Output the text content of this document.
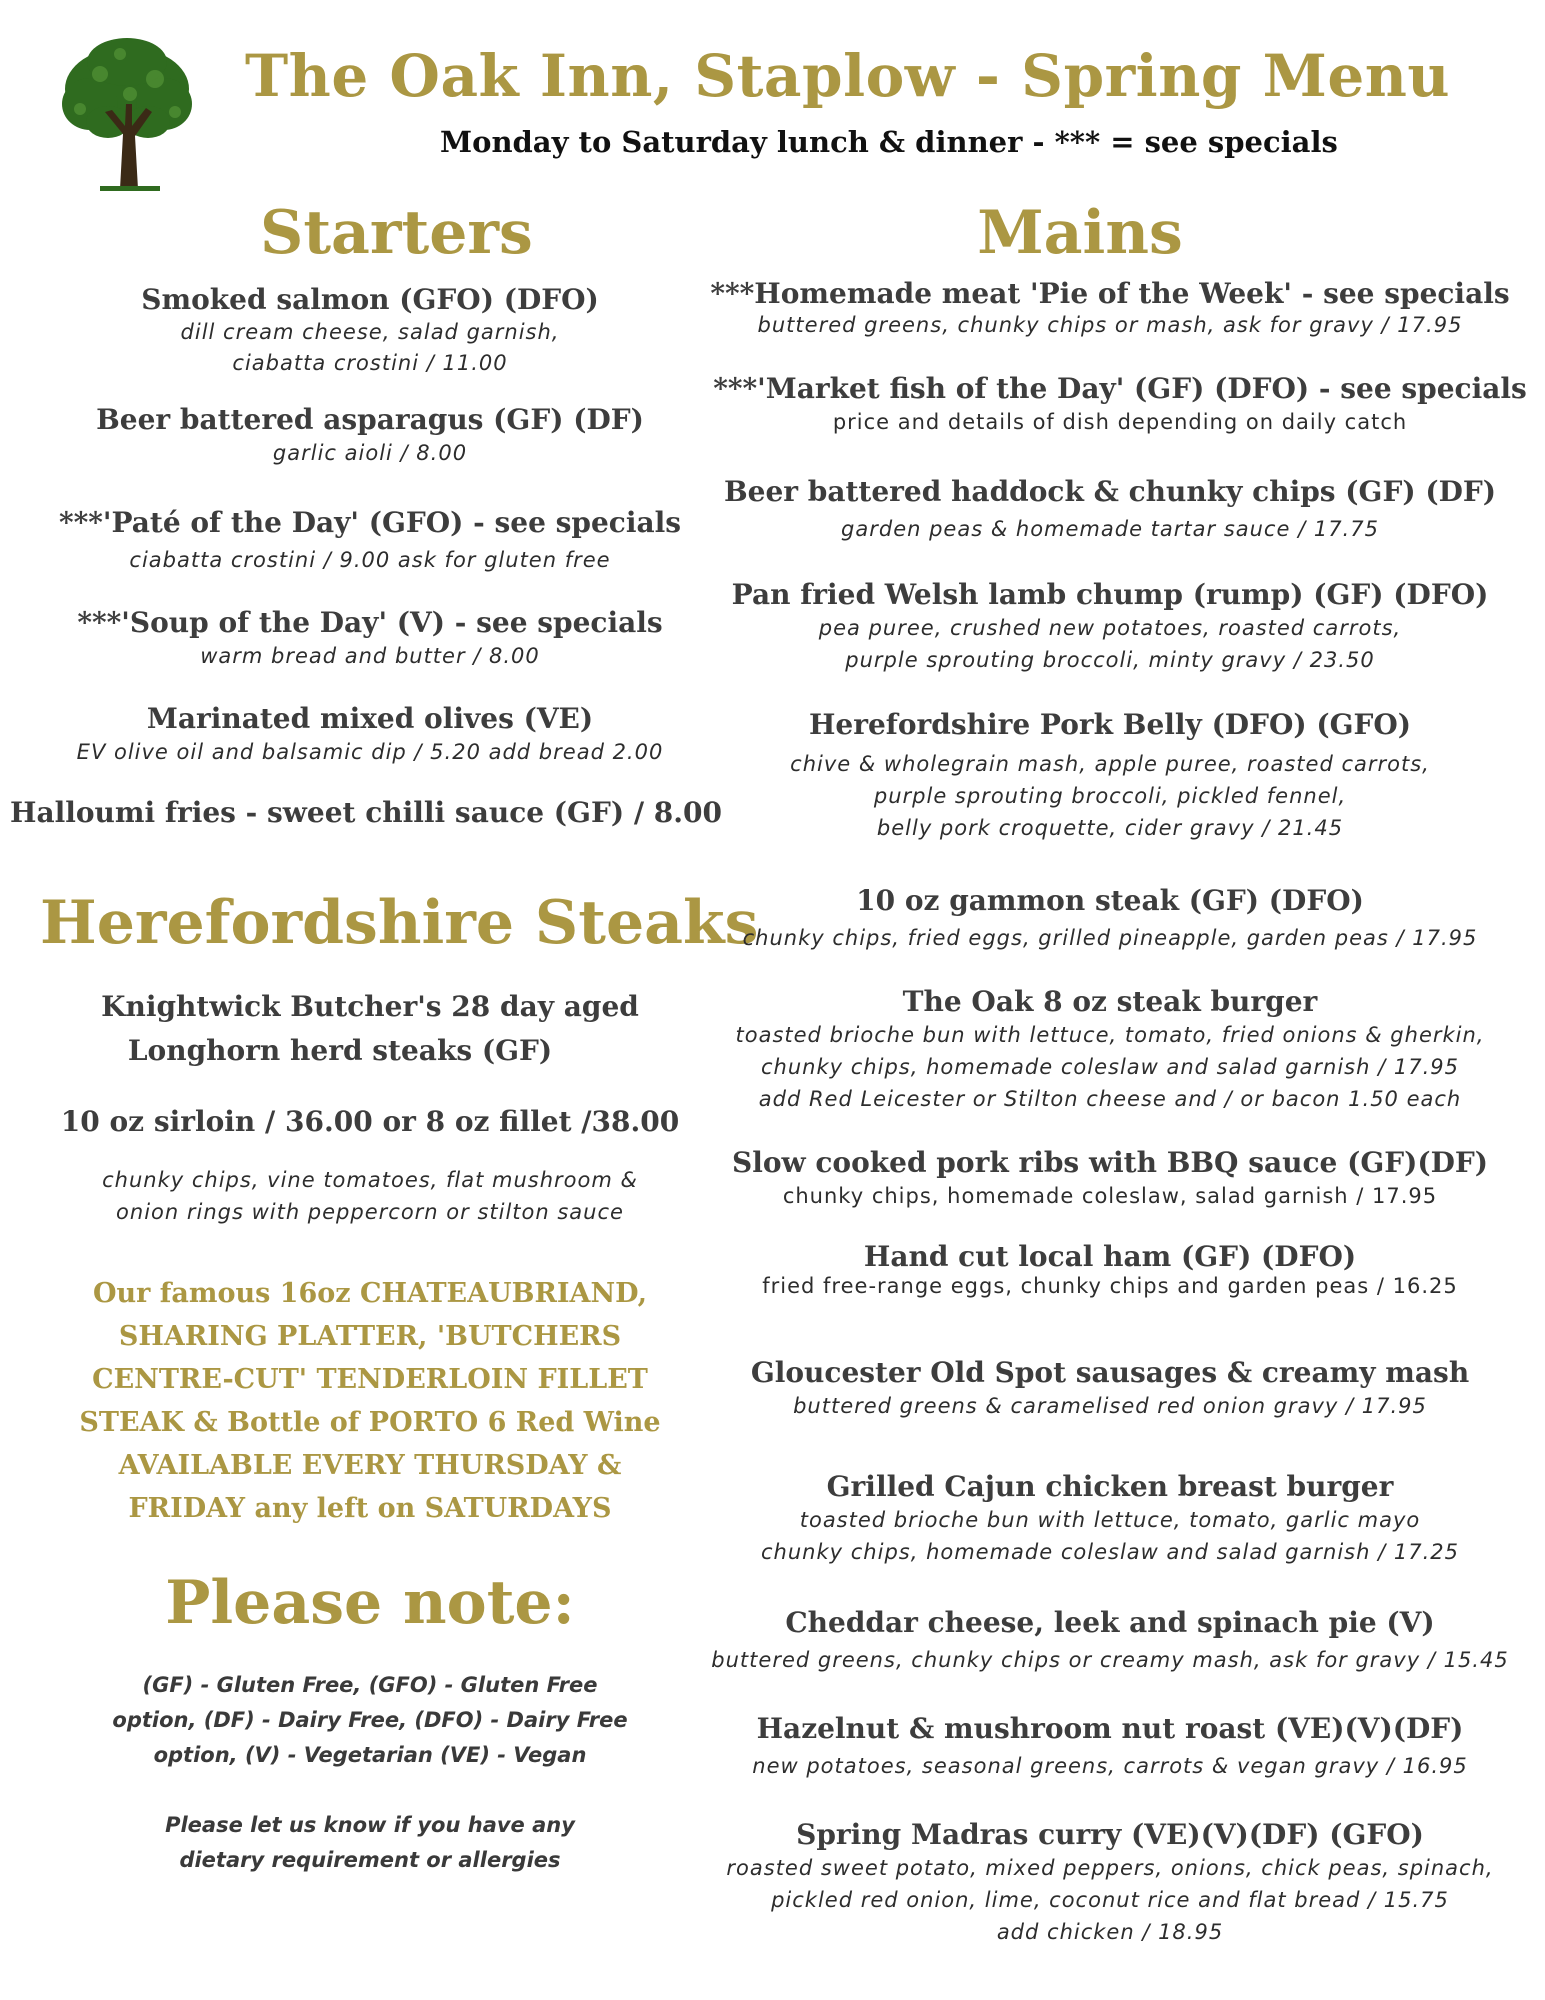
The Oak Inn, Staplow - Spring Menu
Monday to Saturday lunch & dinner - *** = see specials
Starters
Smoked salmon (GFO) (DFO)
dill cream cheese, salad garnish,
ciabatta crostini / 11.00
Beer battered asparagus (GF) (DF)
garlic aioli / 8.00
***'Paté of the Day' (GFO) - see specials
ciabatta crostini / 9.00 ask for gluten free
***'Soup of the Day' (V) - see specials
warm bread and butter / 8.00
Marinated mixed olives (VE)
EV olive oil and balsamic dip / 5.20 add bread 2.00
Halloumi fries - sweet chilli sauce (GF) / 8.00
Herefordshire Steaks
Knightwick Butcher's 28 day aged
Longhorn herd steaks (GF)
10 oz sirloin / 36.00 or 8 oz fillet /38.00
chunky chips, vine tomatoes, flat mushroom &
onion rings with peppercorn or stilton sauce
Our famous 16oz CHATEAUBRIAND,
SHARING PLATTER, 'BUTCHERS
CENTRE-CUT' TENDERLOIN FILLET
STEAK & Bottle of PORTO 6 Red Wine
AVAILABLE EVERY THURSDAY &
FRIDAY any left on SATURDAYS
Please note:
(GF) - Gluten Free, (GFO) - Gluten Free
option, (DF) - Dairy Free, (DFO) - Dairy Free
option, (V) - Vegetarian (VE) - Vegan
Please let us know if you have any
dietary requirement or allergies
Mains
***Homemade meat 'Pie of the Week' - see specials
buttered greens, chunky chips or mash, ask for gravy / 17.95
***'Market fish of the Day' (GF) (DFO) - see specials
price and details of dish depending on daily catch
Beer battered haddock & chunky chips (GF) (DF)
garden peas & homemade tartar sauce / 17.75
Pan fried Welsh lamb chump (rump) (GF) (DFO)
pea puree, crushed new potatoes, roasted carrots,
purple sprouting broccoli, minty gravy / 23.50
Herefordshire Pork Belly (DFO) (GFO)
chive & wholegrain mash, apple puree, roasted carrots,
purple sprouting broccoli, pickled fennel,
belly pork croquette, cider gravy / 21.45
10 oz gammon steak (GF) (DFO)
chunky chips, fried eggs, grilled pineapple, garden peas / 17.95
The Oak 8 oz steak burger
toasted brioche bun with lettuce, tomato, fried onions & gherkin,
chunky chips, homemade coleslaw and salad garnish / 17.95
add Red Leicester or Stilton cheese and / or bacon 1.50 each
Slow cooked pork ribs with BBQ sauce (GF)(DF)
chunky chips, homemade coleslaw, salad garnish / 17.95
Hand cut local ham (GF) (DFO)
fried free-range eggs, chunky chips and garden peas / 16.25
Gloucester Old Spot sausages & creamy mash
buttered greens & caramelised red onion gravy / 17.95
Grilled Cajun chicken breast burger
toasted brioche bun with lettuce, tomato, garlic mayo
chunky chips, homemade coleslaw and salad garnish / 17.25
Cheddar cheese, leek and spinach pie (V)
buttered greens, chunky chips or creamy mash, ask for gravy / 15.45
Hazelnut & mushroom nut roast (VE)(V)(DF)
new potatoes, seasonal greens, carrots & vegan gravy / 16.95
Spring Madras curry (VE)(V)(DF) (GFO)
roasted sweet potato, mixed peppers, onions, chick peas, spinach,
pickled red onion, lime, coconut rice and flat bread / 15.75
add chicken / 18.95
